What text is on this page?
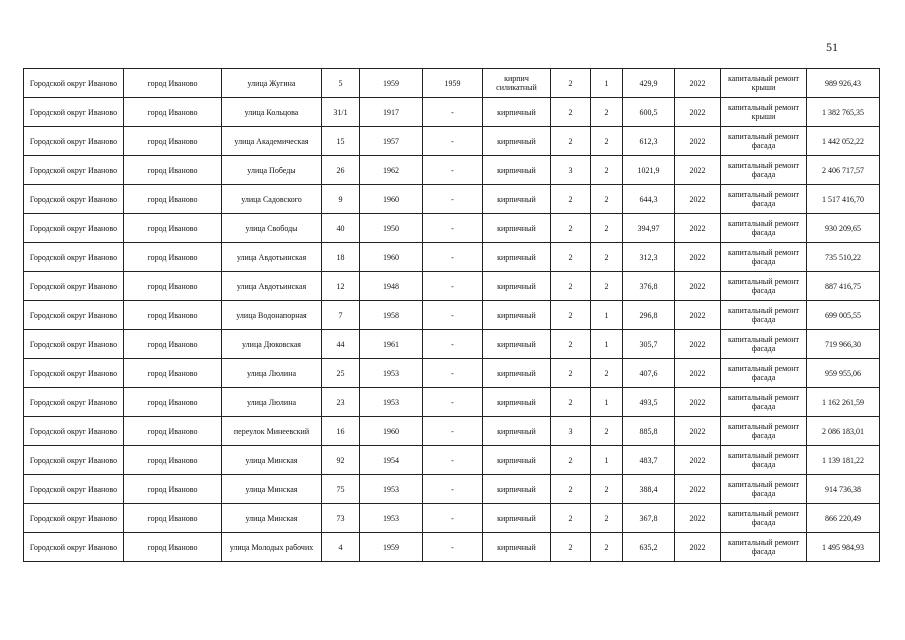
51
Городской округ Иваново	город Иваново	улица Жугина	5	1959	1959	кирпич силикатный	2	1	429,9	2022	капитальный ремонт крыши	989 926,43
Городской округ Иваново	город Иваново	улица Кольцова	31/1	1917	-	кирпичный	2	2	600,5	2022	капитальный ремонт крыши	1 382 765,35
Городской округ Иваново	город Иваново	улица Академическая	15	1957	-	кирпичный	2	2	612,3	2022	капитальный ремонт фасада	1 442 052,22
Городской округ Иваново	город Иваново	улица Победы	26	1962	-	кирпичный	3	2	1021,9	2022	капитальный ремонт фасада	2 406 717,57
Городской округ Иваново	город Иваново	улица Садовского	9	1960	-	кирпичный	2	2	644,3	2022	капитальный ремонт фасада	1 517 416,70
Городской округ Иваново	город Иваново	улица Свободы	40	1950	-	кирпичный	2	2	394,97	2022	капитальный ремонт фасада	930 209,65
Городской округ Иваново	город Иваново	улица Авдотьинская	18	1960	-	кирпичный	2	2	312,3	2022	капитальный ремонт фасада	735 510,22
Городской округ Иваново	город Иваново	улица Авдотьинская	12	1948	-	кирпичный	2	2	376,8	2022	капитальный ремонт фасада	887 416,75
Городской округ Иваново	город Иваново	улица Водонапорная	7	1958	-	кирпичный	2	1	296,8	2022	капитальный ремонт фасада	699 005,55
Городской округ Иваново	город Иваново	улица Дюковская	44	1961	-	кирпичный	2	1	305,7	2022	капитальный ремонт фасада	719 966,30
Городской округ Иваново	город Иваново	улица Люлина	25	1953	-	кирпичный	2	2	407,6	2022	капитальный ремонт фасада	959 955,06
Городской округ Иваново	город Иваново	улица Люлина	23	1953	-	кирпичный	2	1	493,5	2022	капитальный ремонт фасада	1 162 261,59
Городской округ Иваново	город Иваново	переулок Минеевский	16	1960	-	кирпичный	3	2	885,8	2022	капитальный ремонт фасада	2 086 183,01
Городской округ Иваново	город Иваново	улица Минская	92	1954	-	кирпичный	2	1	483,7	2022	капитальный ремонт фасада	1 139 181,22
Городской округ Иваново	город Иваново	улица Минская	75	1953	-	кирпичный	2	2	388,4	2022	капитальный ремонт фасада	914 736,38
Городской округ Иваново	город Иваново	улица Минская	73	1953	-	кирпичный	2	2	367,8	2022	капитальный ремонт фасада	866 220,49
Городской округ Иваново	город Иваново	улица Молодых рабочих	4	1959	-	кирпичный	2	2	635,2	2022	капитальный ремонт фасада	1 495 984,93
